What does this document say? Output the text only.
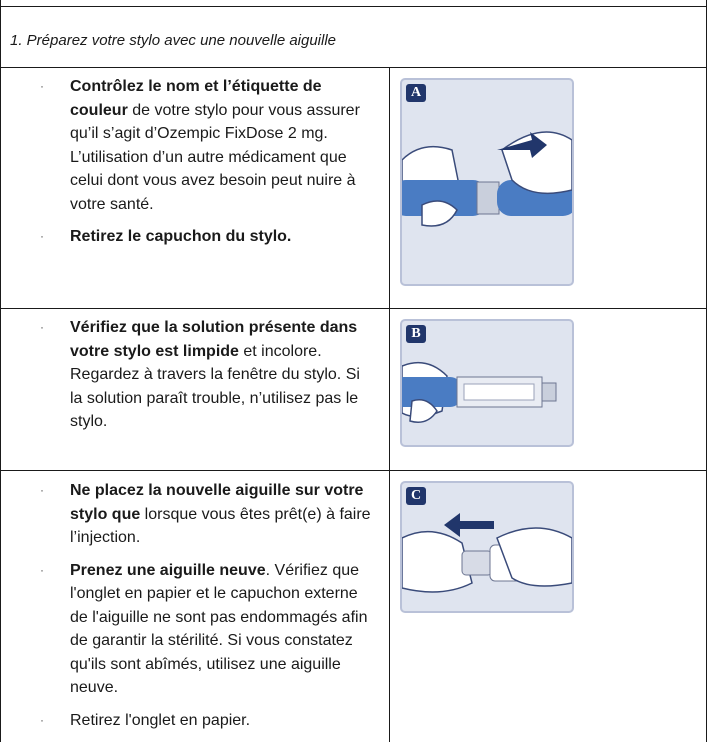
1. Préparez votre stylo avec une nouvelle aiguille
· Contrôlez le nom et l’étiquette de couleur de votre stylo pour vous assurer qu’il s’agit d’Ozempic FixDose 2 mg. L’utilisation d’un autre médicament que celui dont vous avez besoin peut nuire à votre santé.
· Retirez le capuchon du stylo.
A
· Vérifiez que la solution présente dans votre stylo est limpide et incolore. Regardez à travers la fenêtre du stylo. Si la solution paraît trouble, n’utilisez pas le stylo.
B
· Ne placez la nouvelle aiguille sur votre stylo que lorsque vous êtes prêt(e) à faire l’injection.
· Prenez une aiguille neuve. Vérifiez que l'onglet en papier et le capuchon externe de l'aiguille ne sont pas endommagés afin de garantir la stérilité. Si vous constatez qu'ils sont abîmés, utilisez une aiguille neuve.
· Retirez l'onglet en papier.
C
